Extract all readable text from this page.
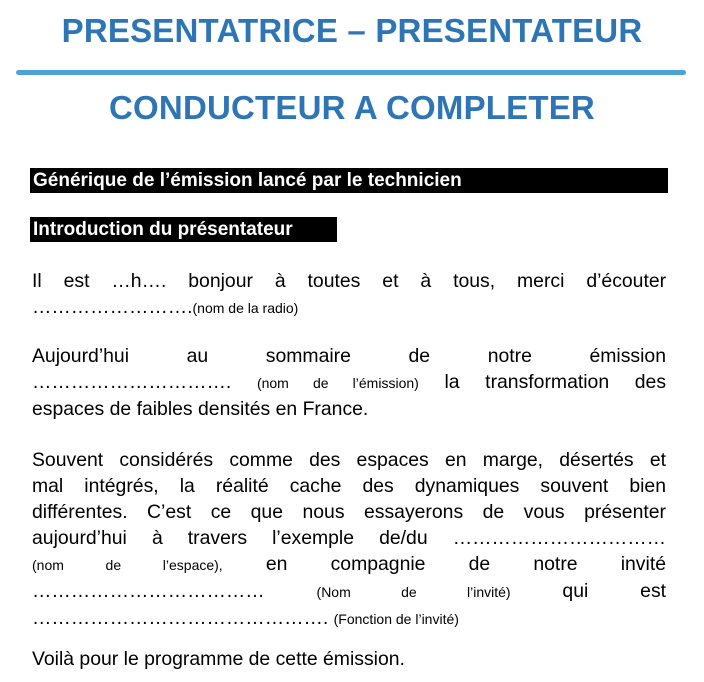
PRESENTATRICE – PRESENTATEUR
CONDUCTEUR A COMPLETER
Générique de l’émission lancé par le technicien
Introduction du présentateur
Il est …h…. bonjour à toutes et à tous, merci d’écouter
…………………….(nom de la radio)
Aujourd’hui	au	sommaire	de	notre	émission
…………………………. (nom de l’émission) la transformation des
espaces de faibles densités en France.
Souvent considérés comme des espaces en marge, désertés et
mal intégrés, la réalité cache des dynamiques souvent bien
différentes. C’est ce que nous essayerons de vous présenter
aujourd’hui à travers l’exemple de/du ……………………………
(nom de l’espace), en compagnie de notre invité
………………………………	(Nom de l’invité)	qui	est
………………………………………. (Fonction de l’invité)
Voilà pour le programme de cette émission.
